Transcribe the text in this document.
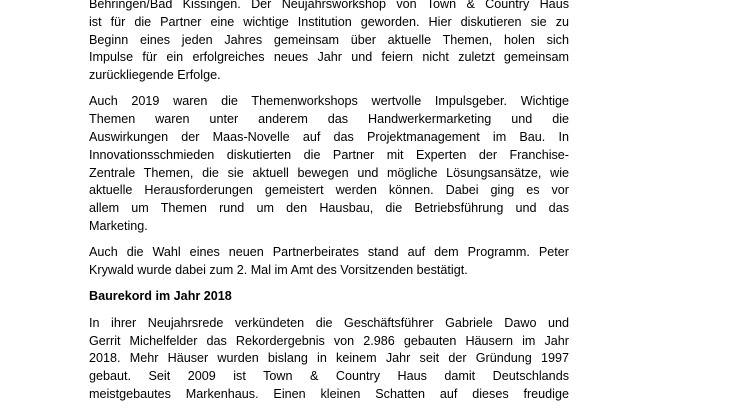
Behringen/Bad Kissingen. Der Neujahrsworkshop von Town & Country Haus
ist für die Partner eine wichtige Institution geworden. Hier diskutieren sie zu
Beginn eines jeden Jahres gemeinsam über aktuelle Themen, holen sich
Impulse für ein erfolgreiches neues Jahr und feiern nicht zuletzt gemeinsam
zurückliegende Erfolge.

Auch 2019 waren die Themenworkshops wertvolle Impulsgeber. Wichtige
Themen waren unter anderem das Handwerkermarketing und die
Auswirkungen der Maas-Novelle auf das Projektmanagement im Bau. In
Innovationsschmieden diskutierten die Partner mit Experten der Franchise-
Zentrale Themen, die sie aktuell bewegen und mögliche Lösungsansätze, wie
aktuelle Herausforderungen gemeistert werden können. Dabei ging es vor
allem um Themen rund um den Hausbau, die Betriebsführung und das
Marketing.

Auch die Wahl eines neuen Partnerbeirates stand auf dem Programm. Peter
Krywald wurde dabei zum 2. Mal im Amt des Vorsitzenden bestätigt.

Baurekord im Jahr 2018

In ihrer Neujahrsrede verkündeten die Geschäftsführer Gabriele Dawo und
Gerrit Michelfelder das Rekordergebnis von 2.986 gebauten Häusern im Jahr
2018. Mehr Häuser wurden bislang in keinem Jahr seit der Gründung 1997
gebaut. Seit 2009 ist Town & Country Haus damit Deutschlands
meistgebautes Markenhaus. Einen kleinen Schatten auf dieses freudige
